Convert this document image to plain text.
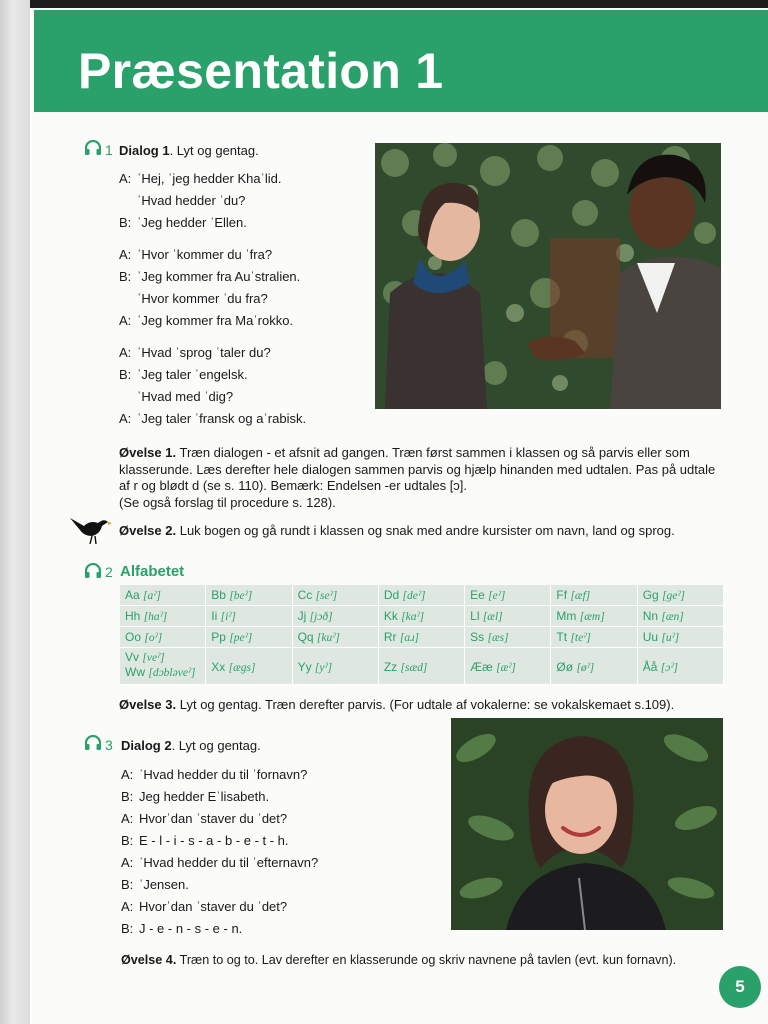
Præsentation 1
1 Dialog 1. Lyt og gentag.
A: ˈHej, ˈjeg hedder Khaˈlid.
ˈHvad hedder ˈdu?
B: ˈJeg hedder ˈEllen.
A: ˈHvor ˈkommer du ˈfra?
B: ˈJeg kommer fra Auˈstralien.
ˈHvor kommer ˈdu fra?
A: ˈJeg kommer fra Maˈrokko.
A: ˈHvad ˈsprog ˈtaler du?
B: ˈJeg taler ˈengelsk.
ˈHvad med ˈdig?
A: ˈJeg taler ˈfransk og aˈrabisk.
Øvelse 1. Træn dialogen - et afsnit ad gangen. Træn først sammen i klassen og så parvis eller som klasserunde. Læs derefter hele dialogen sammen parvis og hjælp hinanden med udtalen. Pas på udtale af r og blødt d (se s. 110). Bemærk: Endelsen -er udtales [ɔ].
(Se også forslag til procedure s. 128).
Øvelse 2. Luk bogen og gå rundt i klassen og snak med andre kursister om navn, land og sprog.
2 Alfabetet
Aa [aˀ]	Bb [beˀ]	Cc [seˀ]	Dd [deˀ]	Ee [eˀ]	Ff [æf]	Gg [geˀ]
Hh [hɑˀ]	Ii [iˀ]	Jj [jɔð]	Kk [kɑˀ]	Ll [æl]	Mm [æm]	Nn [æn]
Oo [oˀ]	Pp [peˀ]	Qq [kuˀ]	Rr [aɹ]	Ss [æs]	Tt [teˀ]	Uu [uˀ]
Vv [veˀ]
Ww [dɔbləveˀ]	Xx [ægs]	Yy [yˀ]	Zz [sæd]	Ææ [æˀ]	Øø [øˀ]	Åå [ɔˀ]
Øvelse 3. Lyt og gentag. Træn derefter parvis. (For udtale af vokalerne: se vokalskemaet s.109).
3 Dialog 2. Lyt og gentag.
A: ˈHvad hedder du til ˈfornavn?
B: Jeg hedder Eˈlisabeth.
A: Hvorˈdan ˈstaver du ˈdet?
B: E - l - i - s - a - b - e - t - h.
A: ˈHvad hedder du til ˈefternavn?
B: ˈJensen.
A: Hvorˈdan ˈstaver du ˈdet?
B: J - e - n - s - e - n.
Øvelse 4. Træn to og to. Lav derefter en klasserunde og skriv navnene på tavlen (evt. kun fornavn).
5
